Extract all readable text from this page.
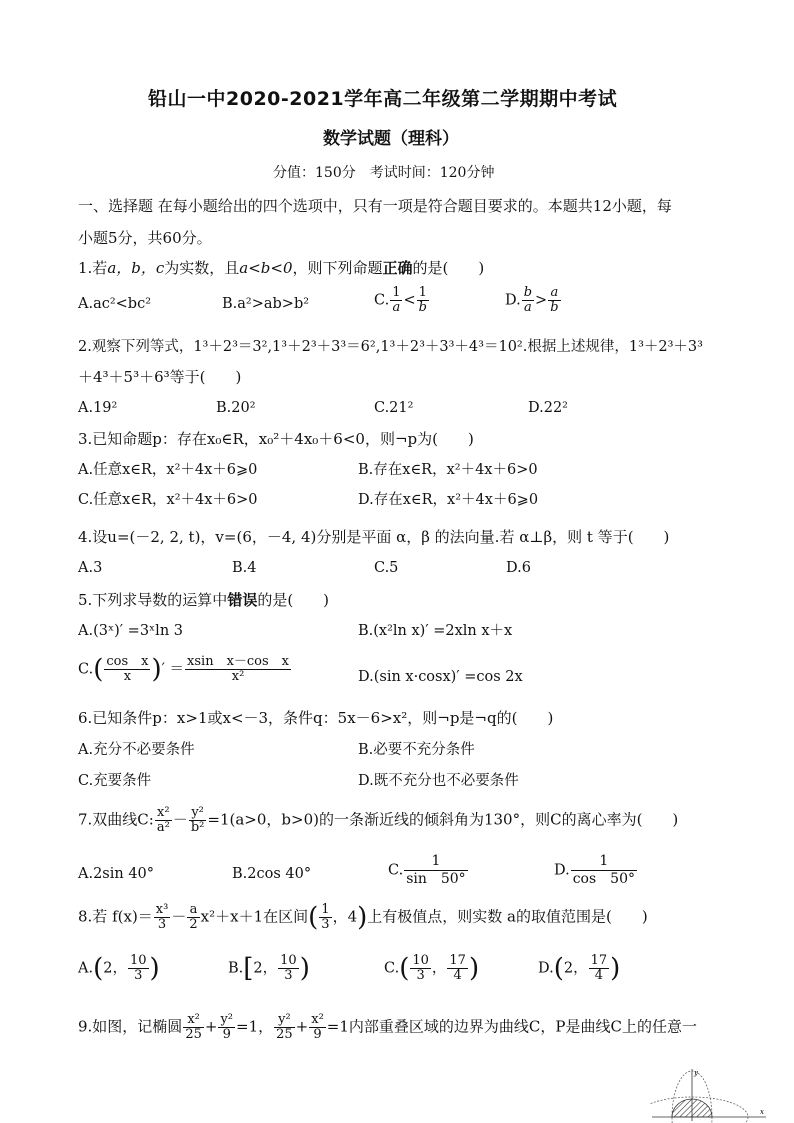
铅山一中2020-2021学年高二年级第二学期期中考试
数学试题（理科）
分值：150分　考试时间：120分钟
一、选择题 在每小题给出的四个选项中，只有一项是符合题目要求的。本题共12小题，每
小题5分，共60分。
1.若a，b，c为实数，且a<b<0，则下列命题正确的是(　　)
A.ac²<bc²	B.a²>ab>b²	C. $\frac{1}{a} < \frac{1}{b}$	D. $\frac{b}{a} > \frac{a}{b}$
2.观察下列等式，1³＋2³＝3²,1³＋2³＋3³＝6²,1³＋2³＋3³＋4³＝10².根据上述规律，1³＋2³＋3³
＋4³＋5³＋6³等于(　　)
A.19²	B.20²	C.21²	D.22²
3.已知命题p：存在x₀∈R，x₀²＋4x₀＋6<0，则¬p为(　　)
A.任意x∈R，x²＋4x＋6⩾0	B.存在x∈R，x²＋4x＋6>0
C.任意x∈R，x²＋4x＋6>0	D.存在x∈R，x²＋4x＋6⩾0
4.设u=(－2, 2, t)，v=(6，－4, 4)分别是平面 α，β 的法向量.若 α⊥β，则 t 等于(　　)
A.3	B.4	C.5	D.6
5.下列求导数的运算中错误的是(　　)
A.(3ˣ)′ =3ˣln 3	B.(x²ln x)′ =2xln x＋x
$C.( \frac{\text{cos　x}}{x}$ )′ ＝ $\frac{\text{xsin　x－cos　x}}{\text{x²}}$	D.(sin x·cosx)′ =cos 2x
6.已知条件p：x>1或x<－3，条件q：5x－6>x²，则¬p是¬q的(　　)
A.充分不必要条件	B.必要不充分条件
C.充要条件	D.既不充分也不必要条件
7.双曲线C: $\frac{\text{x²}}{\text{a²}} - \frac{\text{y²}}{\text{b²}} =1(a>0$，b>0)的一条渐近线的倾斜角为130°，则C的离心率为(　　)
A.2sin 40°	B.2cos 40°	C. $\frac{1}{\sin 50^\circ}$	D. $\frac{1}{\cos 50^\circ}$
8.若 $f(x)= \frac{\text{x³}}{3} - \frac{a}{2} x^2+x+1$在区间( $\frac{1}{3}$ ，4)上有极值点，则实数 a的取值范围是(　　)
A.(2， $\frac{10}{3}$ )	B.[2， $\frac{10}{3}$ )	$C.( \frac{10}{3}$ ， $\frac{17}{4}$ )	D.(2， $\frac{17}{4}$ )
9.如图，记椭圆 $\frac{\text{x²}}{25} + \frac{\text{y²}}{9} =1$， $\frac{\text{y²}}{25} + \frac{\text{x²}}{9} =1$内部重叠区域的边界为曲线C，P是曲线C上的任意一
y
x
